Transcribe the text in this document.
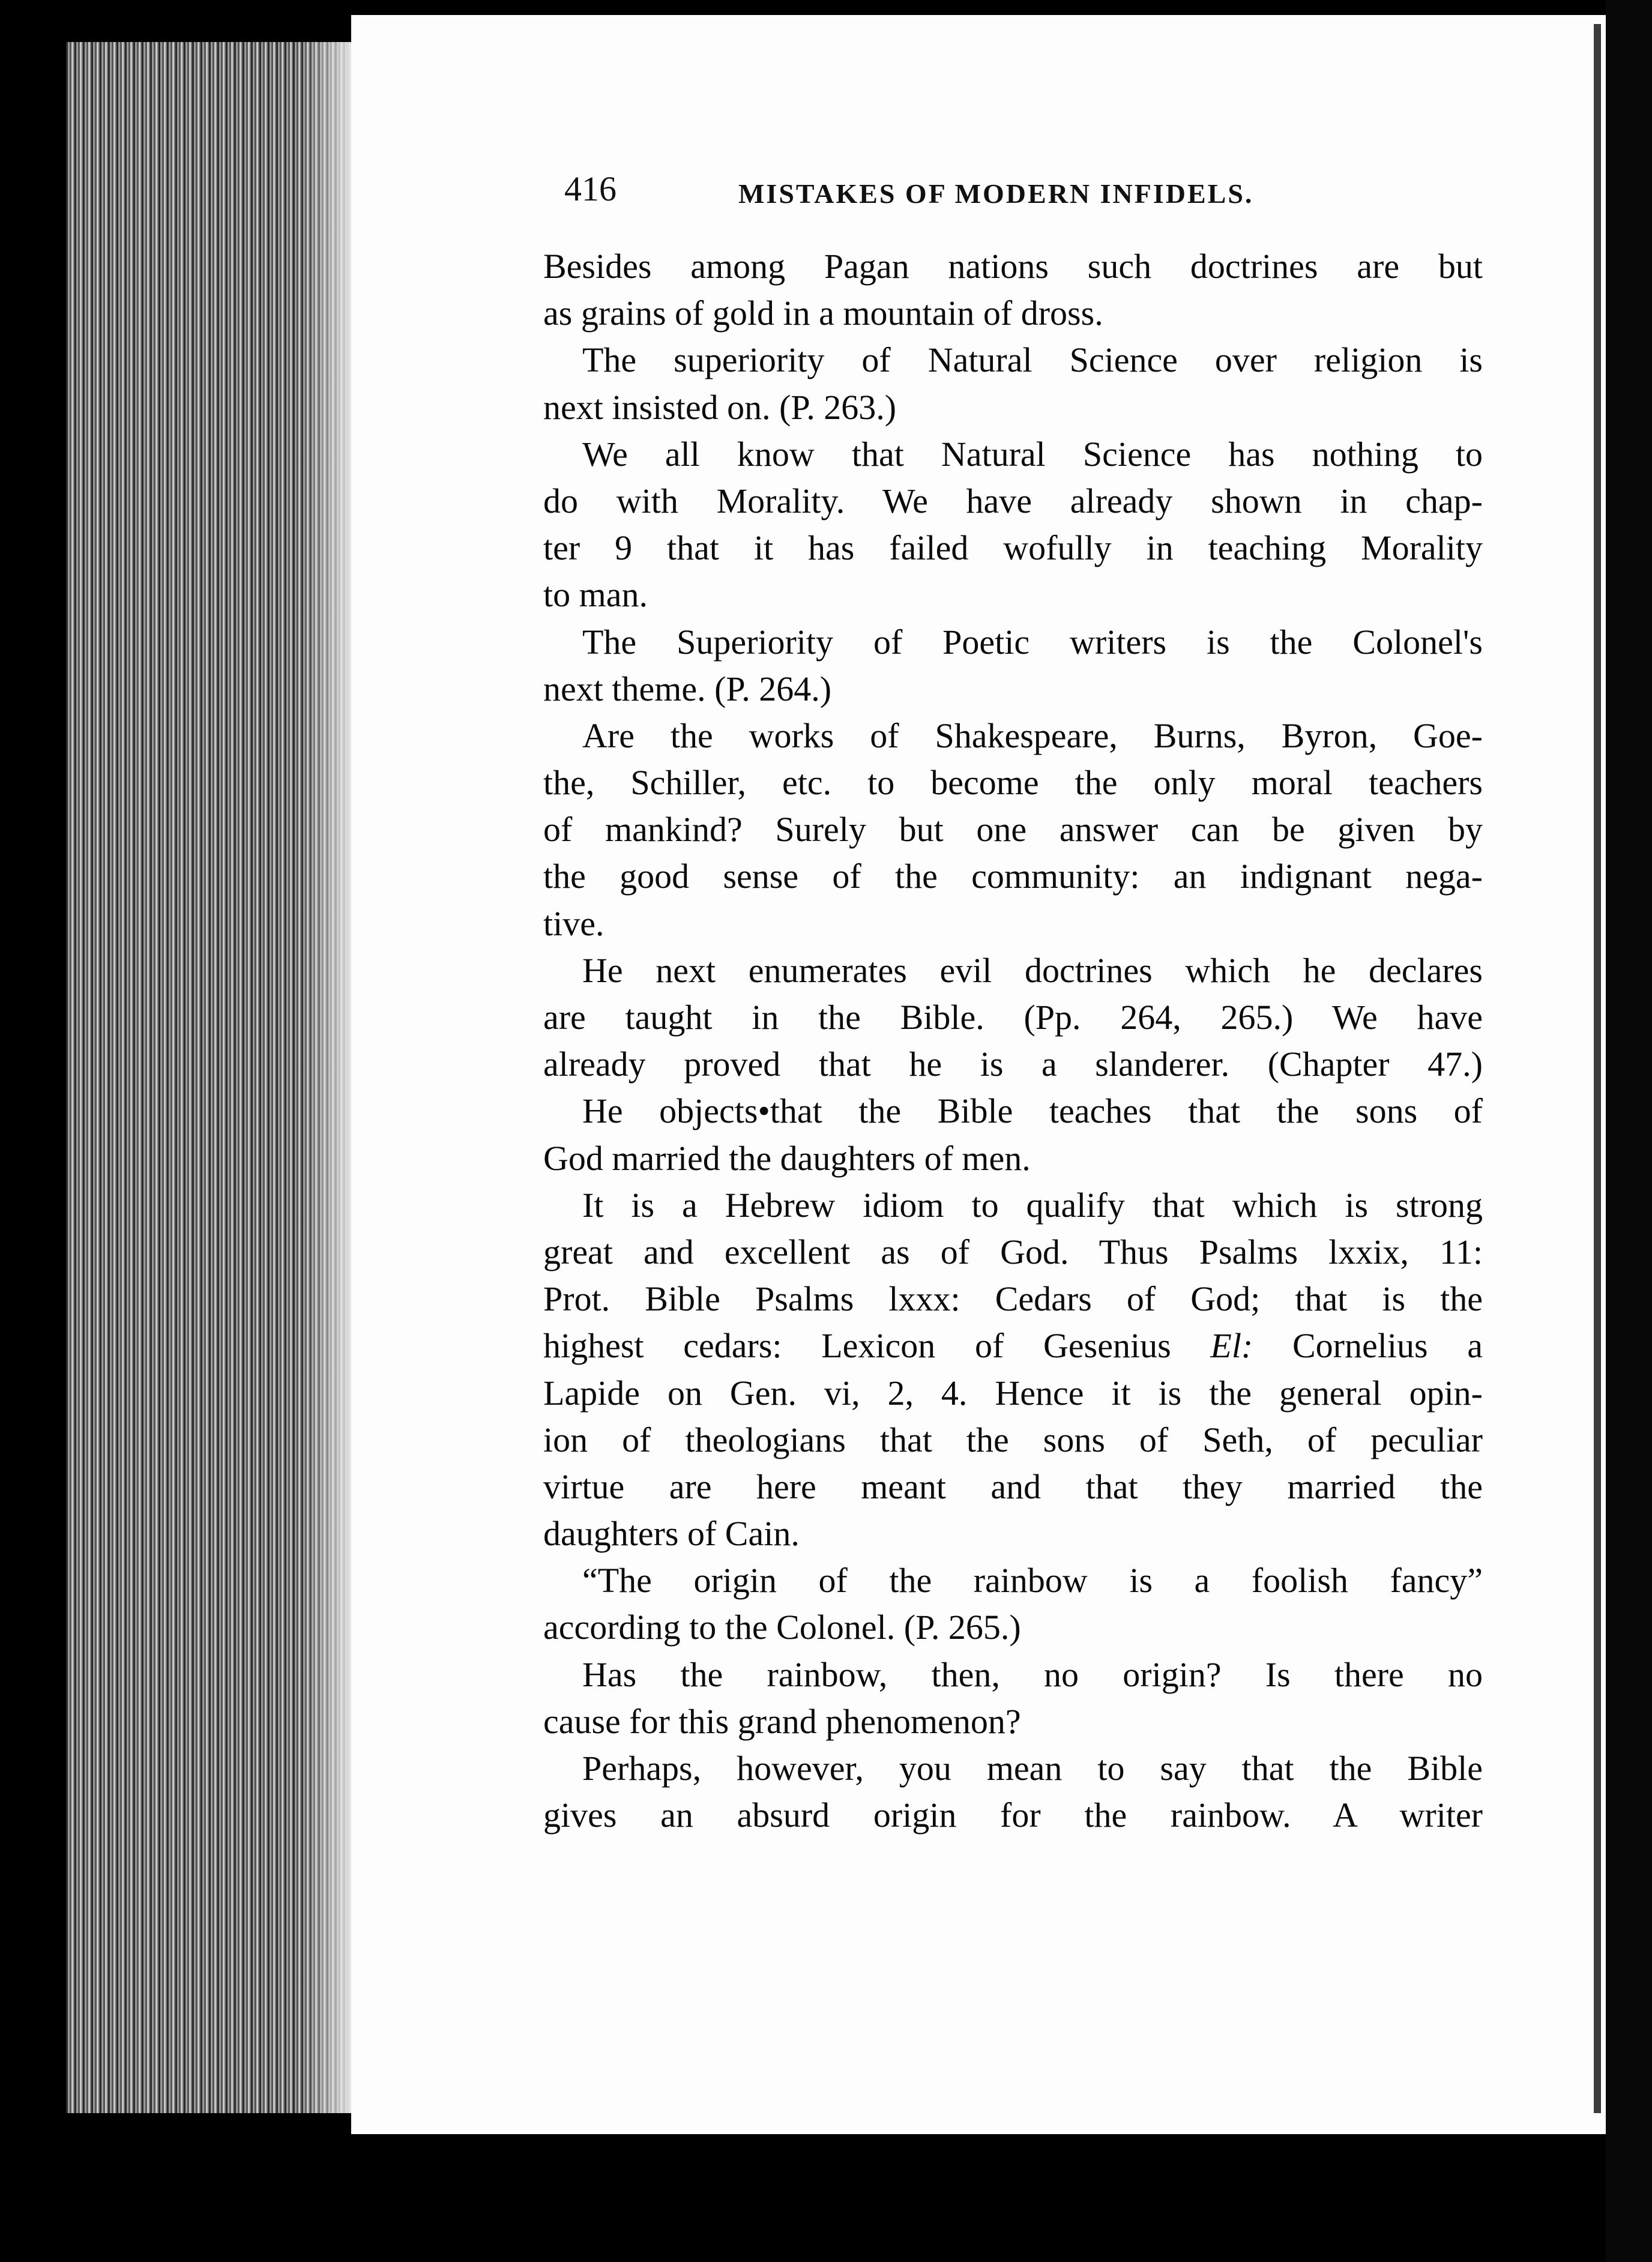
416	MISTAKES OF MODERN INFIDELS.
Besides among Pagan nations such doctrines are but
as grains of gold in a mountain of dross.
The superiority of Natural Science over religion is
next insisted on. (P. 263.)
We all know that Natural Science has nothing to
do with Morality. We have already shown in chap-
ter 9 that it has failed wofully in teaching Morality
to man.
The Superiority of Poetic writers is the Colonel's
next theme. (P. 264.)
Are the works of Shakespeare, Burns, Byron, Goe-
the, Schiller, etc. to become the only moral teachers
of mankind? Surely but one answer can be given by
the good sense of the community: an indignant nega-
tive.
He next enumerates evil doctrines which he declares
are taught in the Bible. (Pp. 264, 265.) We have
already proved that he is a slanderer. (Chapter 47.)
He objects•that the Bible teaches that the sons of
God married the daughters of men.
It is a Hebrew idiom to qualify that which is strong
great and excellent as of God. Thus Psalms lxxix, 11:
Prot. Bible Psalms lxxx: Cedars of God; that is the
highest cedars: Lexicon of Gesenius El: Cornelius a
Lapide on Gen. vi, 2, 4. Hence it is the general opin-
ion of theologians that the sons of Seth, of peculiar
virtue are here meant and that they married the
daughters of Cain.
“The origin of the rainbow is a foolish fancy”
according to the Colonel. (P. 265.)
Has the rainbow, then, no origin? Is there no
cause for this grand phenomenon?
Perhaps, however, you mean to say that the Bible
gives an absurd origin for the rainbow. A writer
